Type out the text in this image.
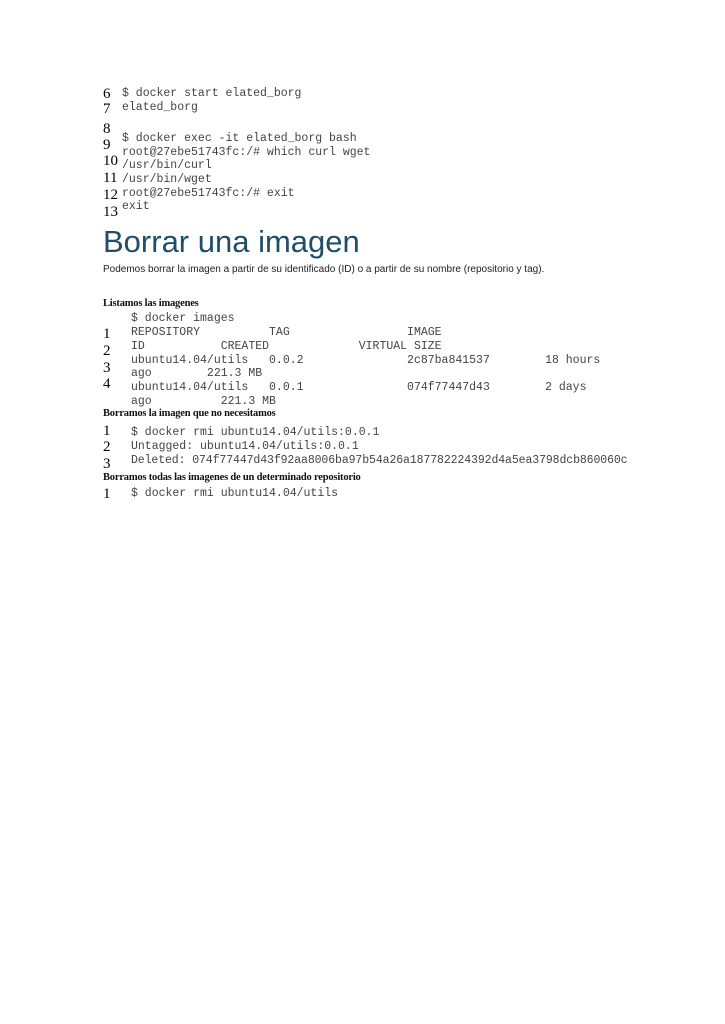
6
7
8
9
10
11
12
13
$ docker start elated_borg
elated_borg
$ docker exec -it elated_borg bash
root@27ebe51743fc:/# which curl wget
/usr/bin/curl
/usr/bin/wget
root@27ebe51743fc:/# exit
exit
Borrar una imagen
Podemos borrar la imagen a partir de su identificado (ID) o a partir de su nombre (repositorio y tag).
Listamos las imagenes
1
2
3
4
$ docker images
REPOSITORY          TAG                 IMAGE
ID           CREATED             VIRTUAL SIZE
ubuntu14.04/utils   0.0.2               2c87ba841537        18 hours
ago        221.3 MB
ubuntu14.04/utils   0.0.1               074f77447d43        2 days
ago          221.3 MB
Borramos la imagen que no necesitamos
1
2
3
$ docker rmi ubuntu14.04/utils:0.0.1
Untagged: ubuntu14.04/utils:0.0.1
Deleted: 074f77447d43f92aa8006ba97b54a26a187782224392d4a5ea3798dcb860060c
Borramos todas las imagenes de un determinado repositorio
1 $ docker rmi ubuntu14.04/utils
